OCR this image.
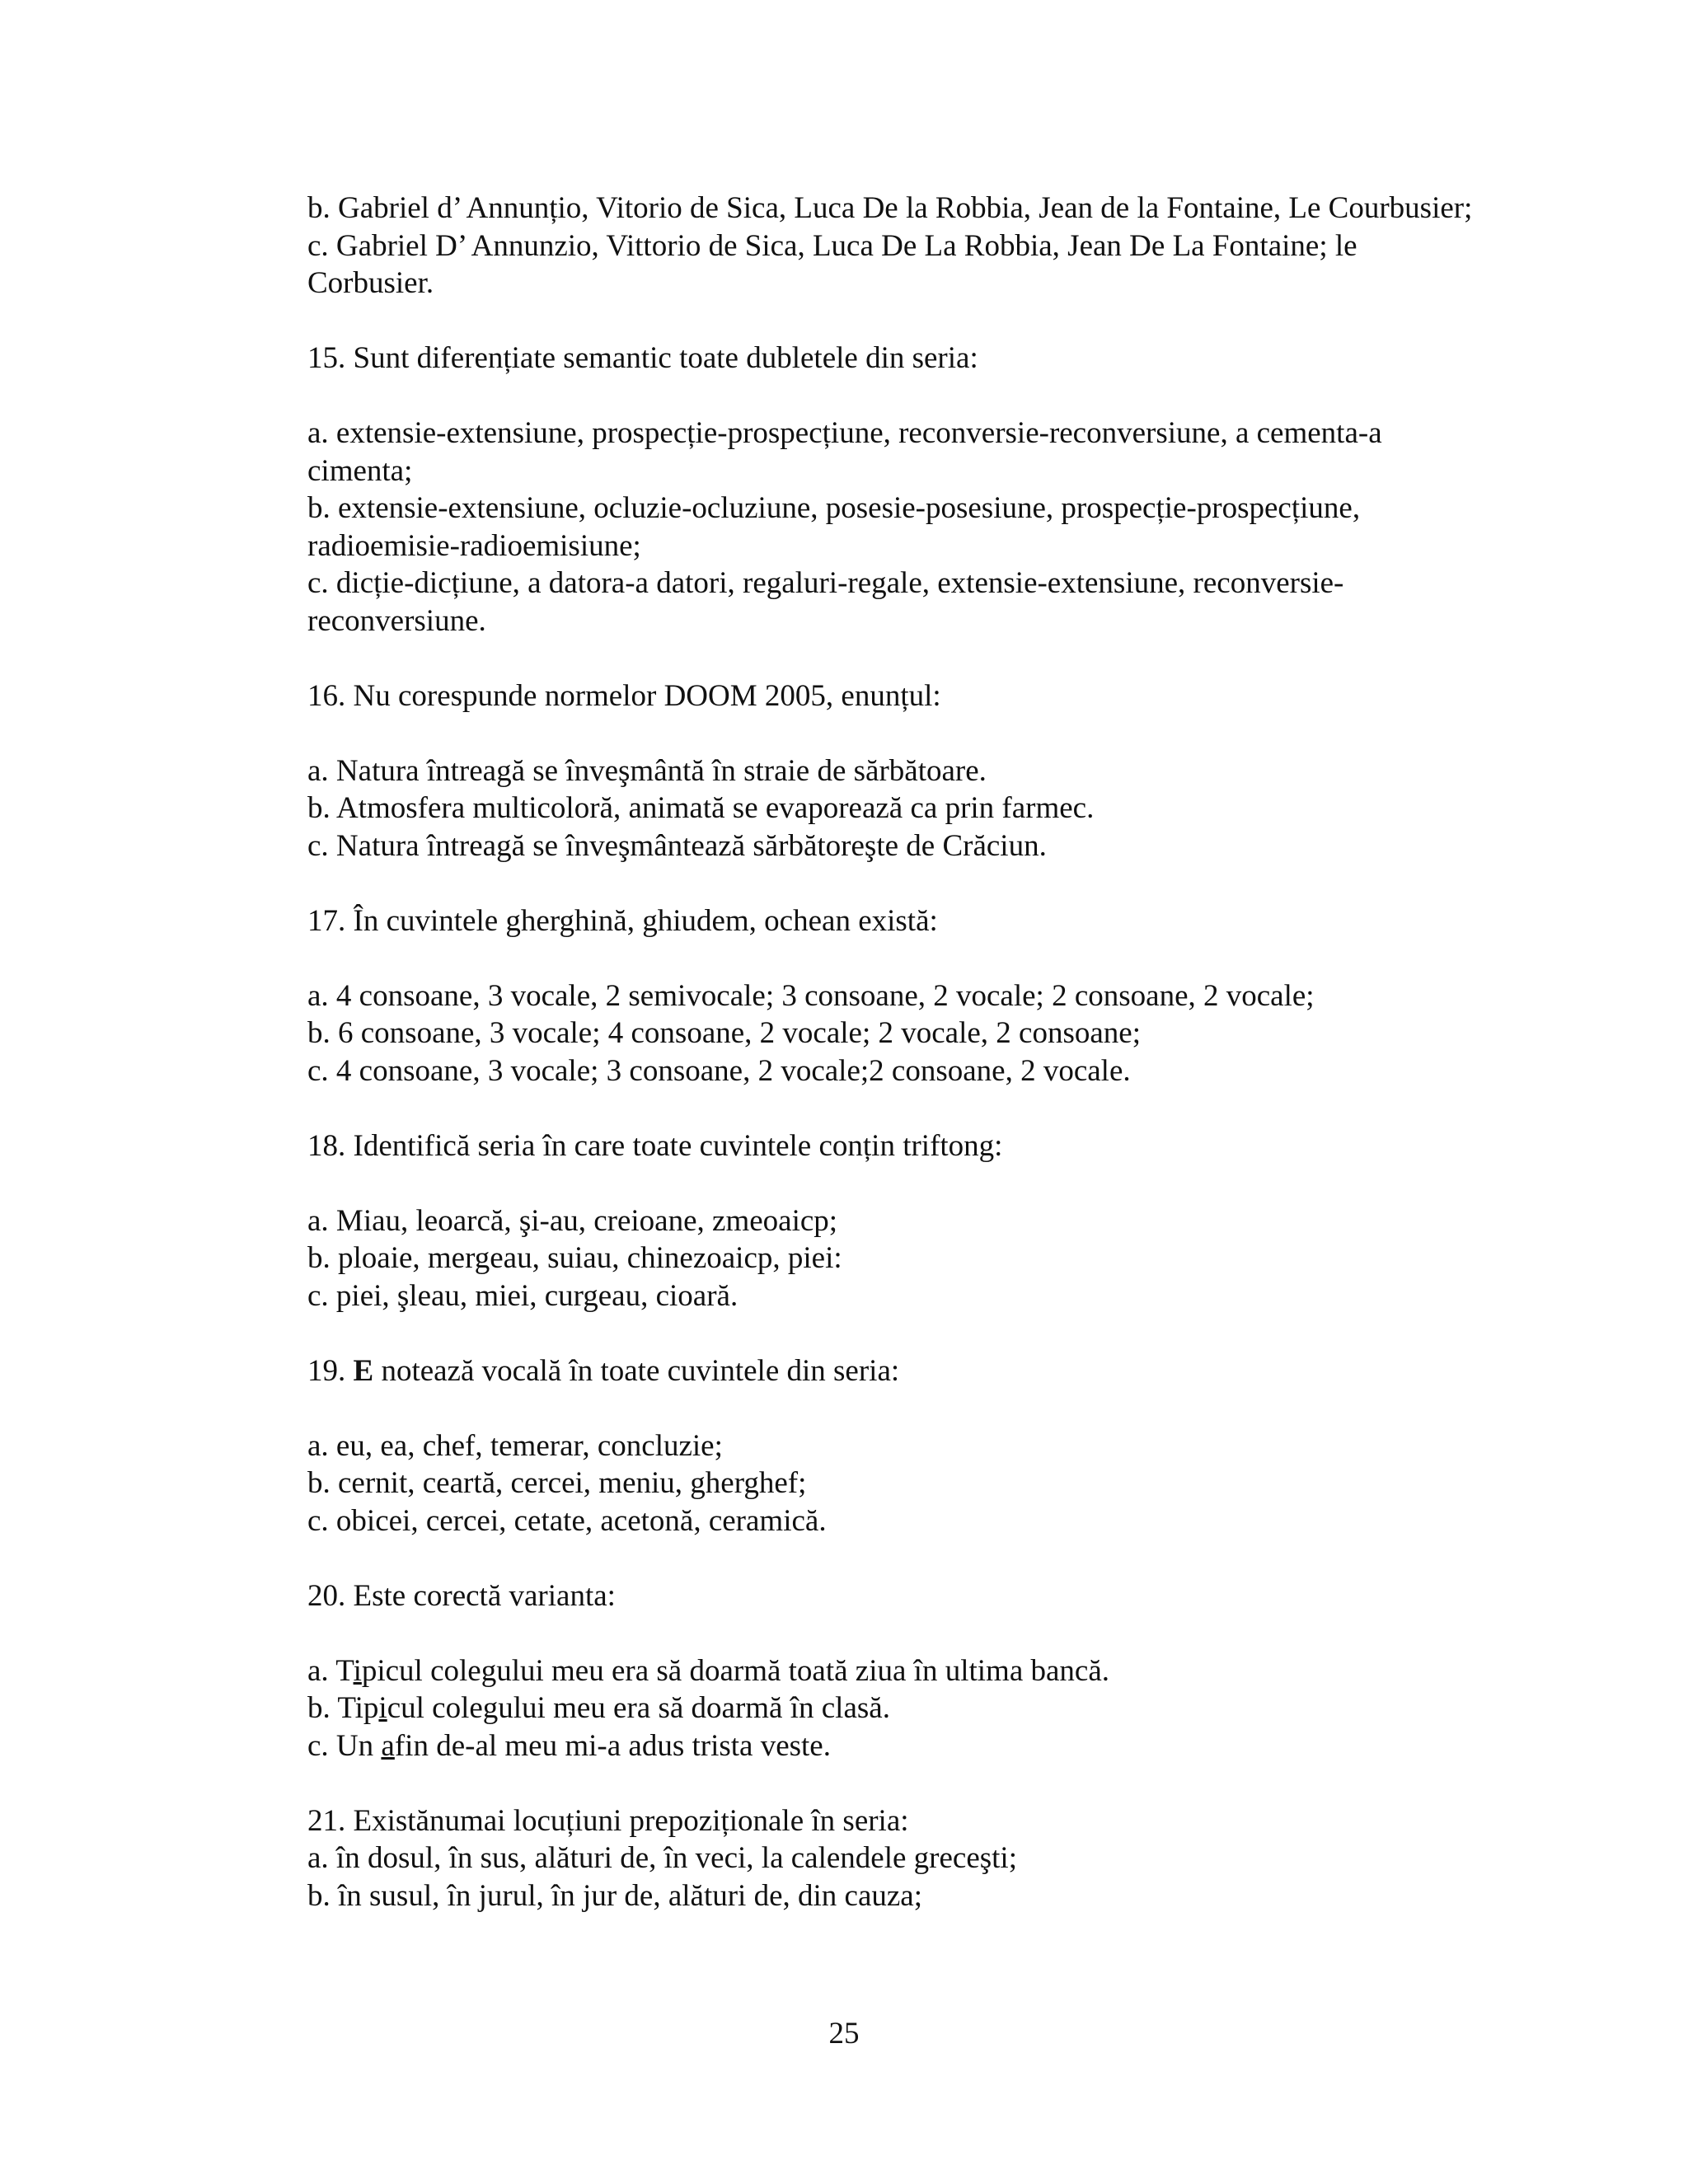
b. Gabriel d’ Annunțio, Vitorio de Sica, Luca De la Robbia, Jean de la Fontaine, Le Courbusier;

c. Gabriel D’ Annunzio, Vittorio de Sica, Luca De La Robbia, Jean De La Fontaine; le Corbusier.

15. Sunt diferențiate semantic toate dubletele din seria:

a. extensie-extensiune, prospecție-prospecțiune, reconversie-reconversiune, a cementa-a cimenta;

b. extensie-extensiune, ocluzie-ocluziune, posesie-posesiune, prospecție-prospecțiune, radioemisie-radioemisiune;

c. dicție-dicțiune, a datora-a datori, regaluri-regale, extensie-extensiune, reconversie-reconversiune.

16. Nu corespunde normelor DOOM 2005, enunțul:

a. Natura întreagă se înveşmântă în straie de sărbătoare.

b. Atmosfera multicoloră, animată se evaporează ca prin farmec.

c. Natura întreagă se înveşmântează sărbătoreşte de Crăciun.

17. În cuvintele gherghină, ghiudem, ochean există:

a. 4 consoane, 3 vocale, 2 semivocale; 3 consoane, 2 vocale; 2 consoane, 2 vocale;

b. 6 consoane, 3 vocale; 4 consoane, 2 vocale; 2 vocale, 2 consoane;

c. 4 consoane, 3 vocale; 3 consoane, 2 vocale;2 consoane, 2 vocale.

18. Identifică seria în care toate cuvintele conțin triftong:

a. Miau, leoarcă, şi-au, creioane, zmeoaicp;

b. ploaie, mergeau, suiau, chinezoaicp, piei:

c. piei, şleau, miei, curgeau, cioară.

19. E notează vocală în toate cuvintele din seria:

a. eu, ea, chef, temerar, concluzie;

b. cernit, ceartă, cercei, meniu, gherghef;

c. obicei, cercei, cetate, acetonă, ceramică.

20. Este corectă varianta:

a. Tipicul colegului meu era să doarmă toată ziua în ultima bancă.

b. Tipicul colegului meu era să doarmă în clasă.

c. Un afin de-al meu mi-a adus trista veste.

21. Existănumai locuțiuni prepoziționale în seria:

a. în dosul, în sus, alături de, în veci, la calendele greceşti;

b. în susul, în jurul, în jur de, alături de, din cauza;

25
